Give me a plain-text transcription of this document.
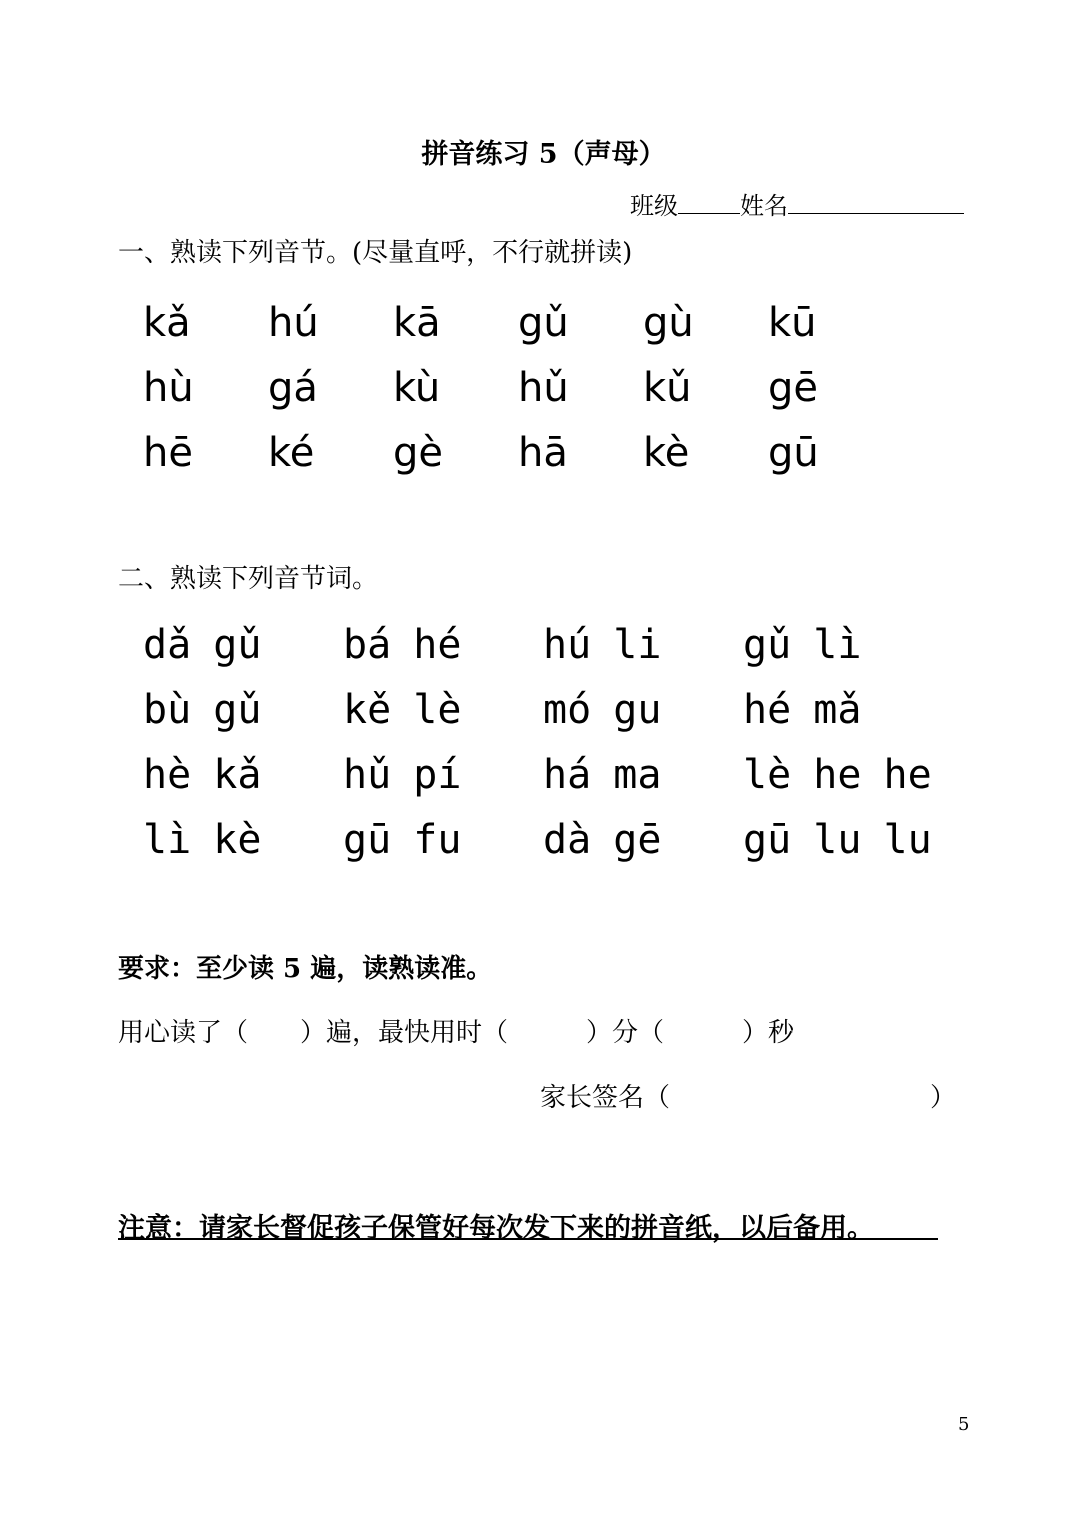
拼音练习 5（声母）
班级	姓名
一、熟读下列音节。(尽量直呼，不行就拼读)
kǎ	hú	kā	gǔ	gù	kū
hù	gá	kù	hǔ	kǔ	gē
hē	ké	gè	hā	kè	gū
二、熟读下列音节词。
dǎ gǔ	bá hé	hú li	gǔ lì
bù gǔ	kě lè	mó gu	hé mǎ
hè kǎ	hǔ pí	há ma	lè he he
lì kè	gū fu	dà gē	gū lu lu
要求：至少读 5 遍，读熟读准。
用心读了（　　）遍，最快用时（　　　）分（　　　）秒
家长签名（　　　　　　　　　　）
注意：请家长督促孩子保管好每次发下来的拼音纸，以后备用。
5
